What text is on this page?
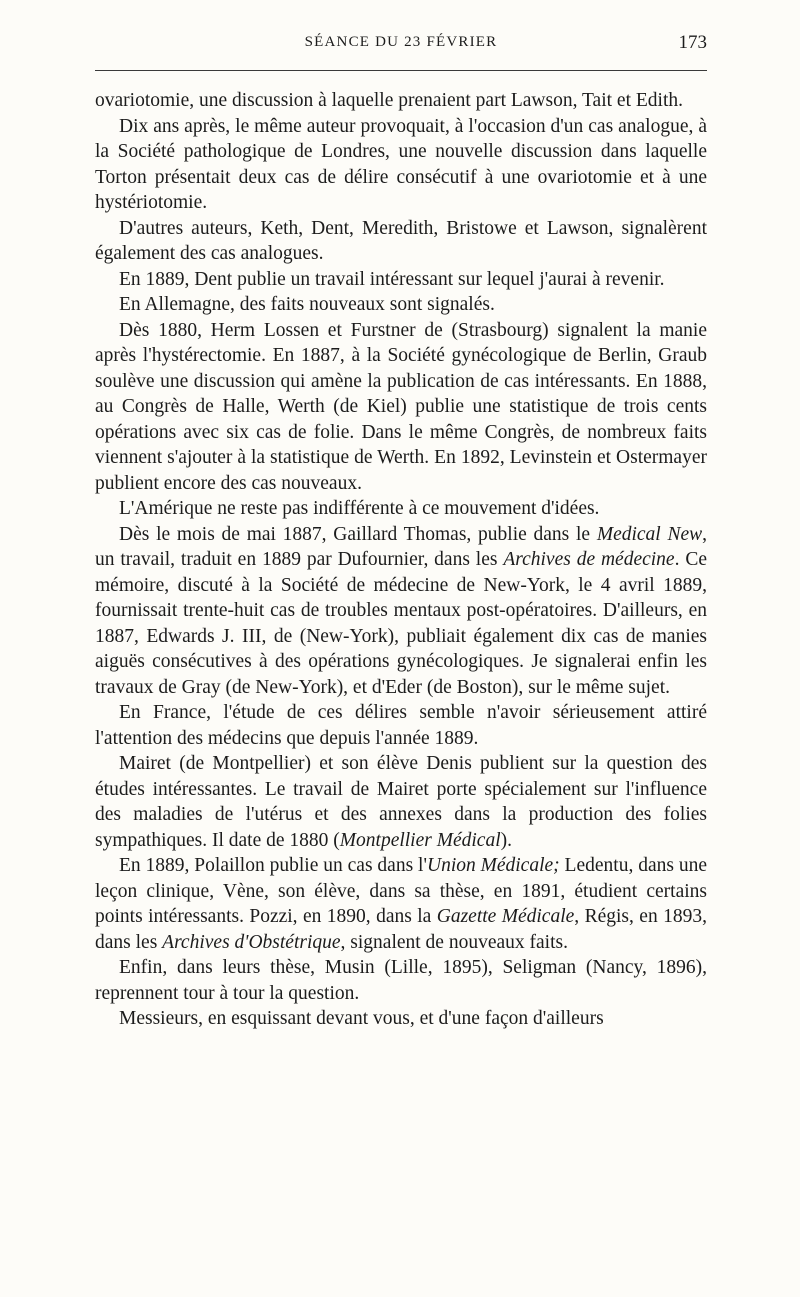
SÉANCE DU 23 FÉVRIER	173

ovariotomie, une discussion à laquelle prenaient part Lawson, Tait et Edith.

Dix ans après, le même auteur provoquait, à l'occasion d'un cas analogue, à la Société pathologique de Londres, une nouvelle discussion dans laquelle Torton présentait deux cas de délire consécutif à une ovariotomie et à une hystériotomie.

D'autres auteurs, Keth, Dent, Meredith, Bristowe et Lawson, signalèrent également des cas analogues.

En 1889, Dent publie un travail intéressant sur lequel j'aurai à revenir.

En Allemagne, des faits nouveaux sont signalés.

Dès 1880, Herm Lossen et Furstner de (Strasbourg) signalent la manie après l'hystérectomie. En 1887, à la Société gynécologique de Berlin, Graub soulève une discussion qui amène la publication de cas intéressants. En 1888, au Congrès de Halle, Werth (de Kiel) publie une statistique de trois cents opérations avec six cas de folie. Dans le même Congrès, de nombreux faits viennent s'ajouter à la statistique de Werth. En 1892, Levinstein et Ostermayer publient encore des cas nouveaux.

L'Amérique ne reste pas indifférente à ce mouvement d'idées.

Dès le mois de mai 1887, Gaillard Thomas, publie dans le Medical New, un travail, traduit en 1889 par Dufournier, dans les Archives de médecine. Ce mémoire, discuté à la Société de médecine de New-York, le 4 avril 1889, fournissait trente-huit cas de troubles mentaux post-opératoires. D'ailleurs, en 1887, Edwards J. III, de (New-York), publiait également dix cas de manies aiguës consécutives à des opérations gynécologiques. Je signalerai enfin les travaux de Gray (de New-York), et d'Eder (de Boston), sur le même sujet.

En France, l'étude de ces délires semble n'avoir sérieusement attiré l'attention des médecins que depuis l'année 1889.

Mairet (de Montpellier) et son élève Denis publient sur la question des études intéressantes. Le travail de Mairet porte spécialement sur l'influence des maladies de l'utérus et des annexes dans la production des folies sympathiques. Il date de 1880 (Montpellier Médical).

En 1889, Polaillon publie un cas dans l'Union Médicale; Ledentu, dans une leçon clinique, Vène, son élève, dans sa thèse, en 1891, étudient certains points intéressants. Pozzi, en 1890, dans la Gazette Médicale, Régis, en 1893, dans les Archives d'Obstétrique, signalent de nouveaux faits.

Enfin, dans leurs thèse, Musin (Lille, 1895), Seligman (Nancy, 1896), reprennent tour à tour la question.

Messieurs, en esquissant devant vous, et d'une façon d'ailleurs
